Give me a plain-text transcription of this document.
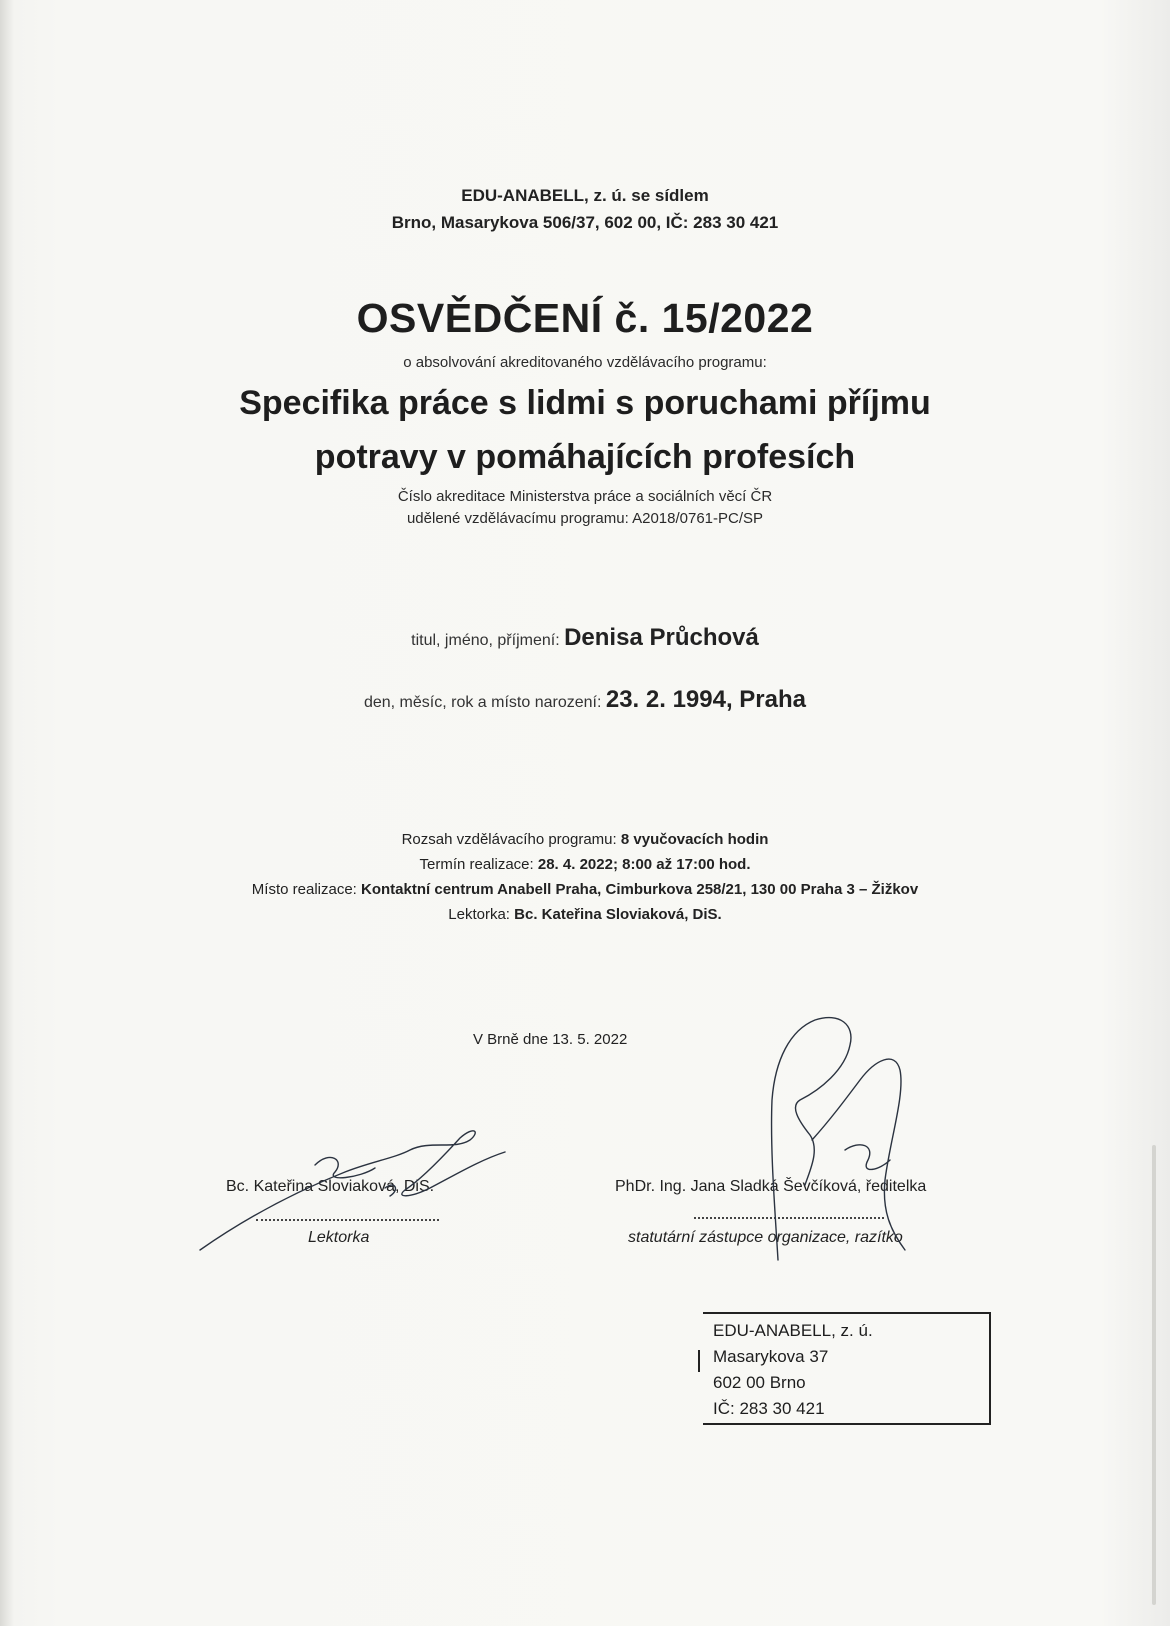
EDU-ANABELL, z. ú. se sídlem
Brno, Masarykova 506/37, 602 00, IČ: 283 30 421
OSVĚDČENÍ č. 15/2022
o absolvování akreditovaného vzdělávacího programu:
Specifika práce s lidmi s poruchami příjmu
potravy v pomáhajících profesích
Číslo akreditace Ministerstva práce a sociálních věcí ČR
udělené vzdělávacímu programu: A2018/0761-PC/SP
titul, jméno, příjmení: Denisa Průchová
den, měsíc, rok a místo narození: 23. 2. 1994, Praha
Rozsah vzdělávacího programu: 8 vyučovacích hodin
Termín realizace: 28. 4. 2022; 8:00 až 17:00 hod.
Místo realizace: Kontaktní centrum Anabell Praha, Cimburkova 258/21, 130 00 Praha 3 – Žižkov
Lektorka: Bc. Kateřina Sloviaková, DiS.
V Brně dne 13. 5. 2022
Bc. Kateřina Sloviaková, DiS.
Lektorka
PhDr. Ing. Jana Sladká Ševčíková, ředitelka
statutární zástupce organizace, razítko
EDU-ANABELL, z. ú.
Masarykova 37
602 00 Brno
IČ: 283 30 421
